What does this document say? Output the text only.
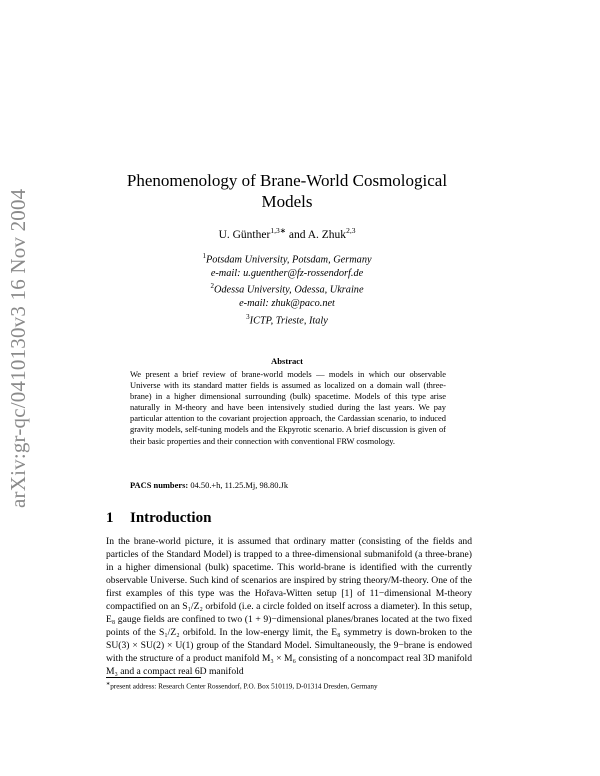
arXiv:gr-qc/0410130v3 16 Nov 2004
Phenomenology of Brane-World Cosmological Models
U. Günther$^{1,3∗}$ and A. Zhuk$^{2,3}$
$^1$Potsdam University, Potsdam, Germany
e-mail: u.guenther@fz-rossendorf.de
$^2$Odessa University, Odessa, Ukraine
e-mail: zhuk@paco.net
$^3$ICTP, Trieste, Italy
Abstract
We present a brief review of brane-world models — models in which our observable Universe with its standard matter fields is assumed as localized on a domain wall (three-brane) in a higher dimensional surrounding (bulk) spacetime. Models of this type arise naturally in M-theory and have been intensively studied during the last years. We pay particular attention to the covariant projection approach, the Cardassian scenario, to induced gravity models, self-tuning models and the Ekpyrotic scenario. A brief discussion is given of their basic properties and their connection with conventional FRW cosmology.
PACS numbers: 04.50.+h, 11.25.Mj, 98.80.Jk
1 Introduction

In the brane-world picture, it is assumed that ordinary matter (consisting of the fields and particles of the Standard Model) is trapped to a three-dimensional submanifold (a three-brane) in a higher dimensional (bulk) spacetime. This world-brane is identified with the currently observable Universe. Such kind of scenarios are inspired by string theory/M-theory. One of the first examples of this type was the Hořava-Witten setup [1] of 11−dimensional M-theory compactified on an S₁/Z₂ orbifold (i.e. a circle folded on itself across a diameter). In this setup, E₈ gauge fields are confined to two (1 + 9)−dimensional planes/branes located at the two fixed points of the S₁/Z₂ orbifold. In the low-energy limit, the E₈ symmetry is down-broken to the SU(3) × SU(2) × U(1) group of the Standard Model. Simultaneously, the 9−brane is endowed with the structure of a product manifold M₃ × M₆ consisting of a noncompact real 3D manifold M₃ and a compact real 6D manifold

∗present address: Research Center Rossendorf, P.O. Box 510119, D-01314 Dresden, Germany
